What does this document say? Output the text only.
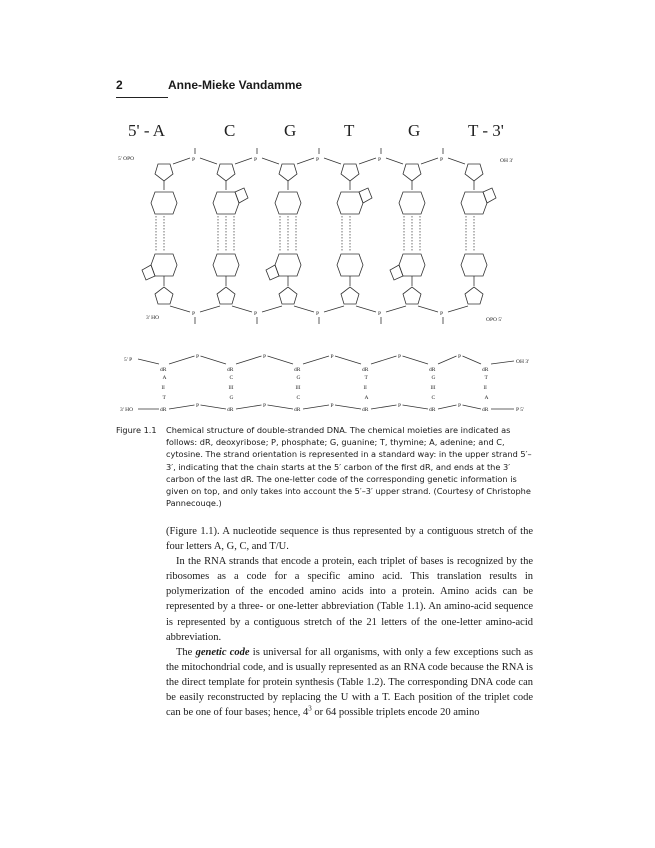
2	Anne-Mieke Vandamme
5' - A	C	G	T	G	T - 3'
P	P	P	P	P
5' OPO	OH 3'
P	P	P	P	P
3' HO	OPO 5'
dR
dR
A
II
T
P
P
dR
dR
C
III
G
P
P
dR
dR
G
III
C
P
P
dR
dR
T
II
A
P
P
dR
dR
G
III
C
P
P
dR
dR
T
II
A
5' P	OH 3'
3' HO	P 5'
Figure 1.1	Chemical structure of double-stranded DNA. The chemical moieties are indicated as follows: dR, deoxyribose; P, phosphate; G, guanine; T, thymine; A, adenine; and C, cytosine. The strand orientation is represented in a standard way: in the upper strand 5′–3′, indicating that the chain starts at the 5′ carbon of the first dR, and ends at the 3′ carbon of the last dR. The one-letter code of the corresponding genetic information is given on top, and only takes into account the 5′–3′ upper strand. (Courtesy of Christophe Pannecouqe.)

(Figure 1.1). A nucleotide sequence is thus represented by a contiguous stretch of the four letters A, G, C, and T/U.

In the RNA strands that encode a protein, each triplet of bases is recognized by the ribosomes as a code for a specific amino acid. This translation results in polymerization of the encoded amino acids into a protein. Amino acids can be represented by a three- or one-letter abbreviation (Table 1.1). An amino-acid sequence is represented by a contiguous stretch of the 21 letters of the one-letter amino-acid abbreviation.

The genetic code is universal for all organisms, with only a few exceptions such as the mitochondrial code, and is usually represented as an RNA code because the RNA is the direct template for protein synthesis (Table 1.2). The corresponding DNA code can be easily reconstructed by replacing the U with a T. Each position of the triplet code can be one of four bases; hence, $4^3$ or 64 possible triplets encode 20 amino
